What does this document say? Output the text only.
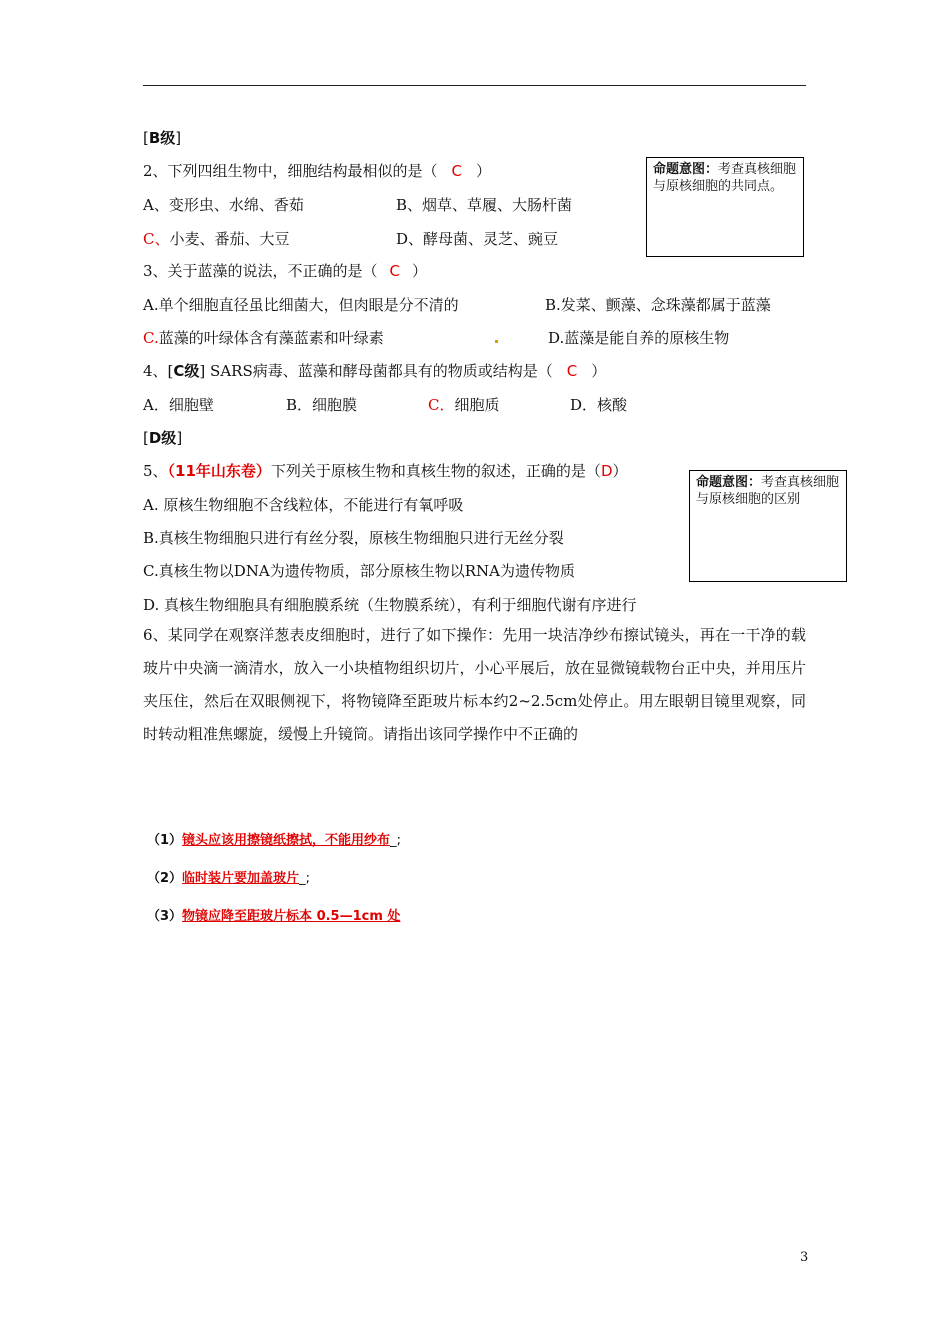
[B级]
2、下列四组生物中，细胞结构最相似的是（ C ）
A、变形虫、水绵、香茹	B、烟草、草履、大肠杆菌
C、小麦、番茄、大豆	D、酵母菌、灵芝、豌豆
命题意图：考查真核细胞与原核细胞的共同点。
3、关于蓝藻的说法，不正确的是（ C ）
A.单个细胞直径虽比细菌大，但肉眼是分不清的	B.发菜、颤藻、念珠藻都属于蓝藻
C.蓝藻的叶绿体含有藻蓝素和叶绿素	D.蓝藻是能自养的原核生物
4、[C级] SARS病毒、蓝藻和酵母菌都具有的物质或结构是（ C ）
A．细胞壁	B．细胞膜	C．细胞质	D．核酸
[D级]
5、（11年山东卷）下列关于原核生物和真核生物的叙述，正确的是（D）
A. 原核生物细胞不含线粒体，不能进行有氧呼吸
B.真核生物细胞只进行有丝分裂，原核生物细胞只进行无丝分裂
C.真核生物以DNA为遗传物质，部分原核生物以RNA为遗传物质
D. 真核生物细胞具有细胞膜系统（生物膜系统），有利于细胞代谢有序进行
命题意图：考查真核细胞与原核细胞的区别
6、某同学在观察洋葱表皮细胞时，进行了如下操作：先用一块洁净纱布擦试镜头，再在一干净的载玻片中央滴一滴清水，放入一小块植物组织切片，小心平展后，放在显微镜载物台正中央，并用压片夹压住，然后在双眼侧视下，将物镜降至距玻片标本约2~2.5cm处停止。用左眼朝目镜里观察，同时转动粗准焦螺旋，缓慢上升镜筒。请指出该同学操作中不正确的
（1）镜头应该用擦镜纸擦拭，不能用纱布_;
（2）临时装片要加盖玻片_;
（3）物镜应降至距玻片标本 0.5—1cm 处
3
